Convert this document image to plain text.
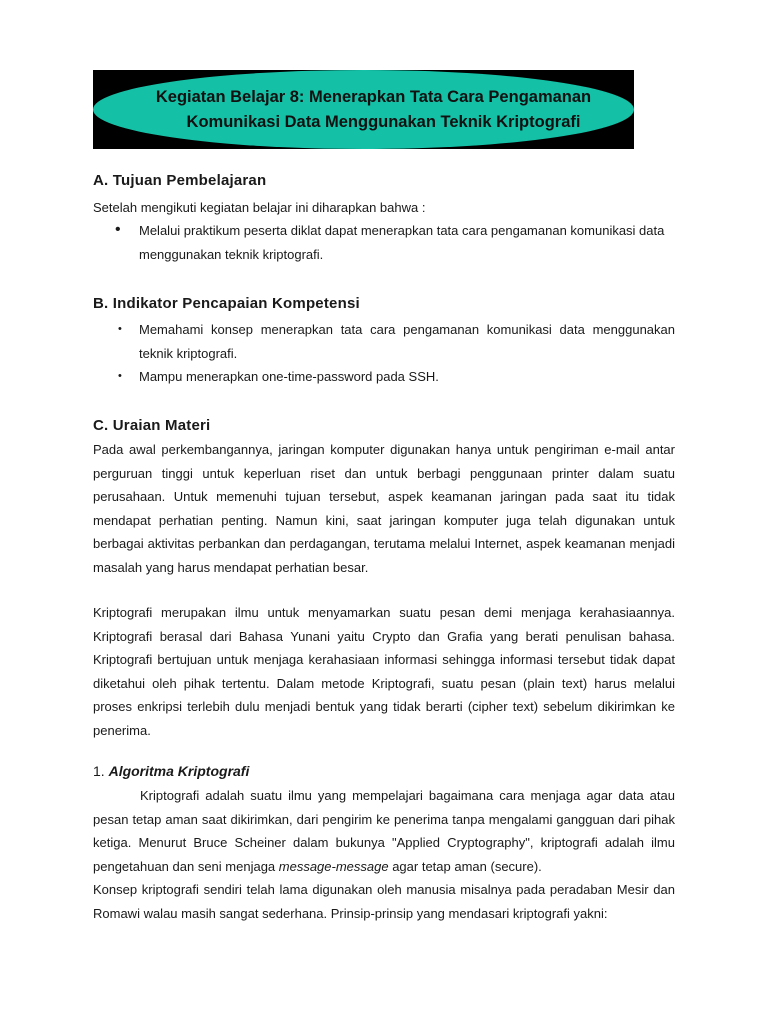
Kegiatan Belajar 8: Menerapkan Tata Cara Pengamanan
Komunikasi Data Menggunakan Teknik Kriptografi
A. Tujuan Pembelajaran
Setelah mengikuti kegiatan belajar ini diharapkan bahwa :
• Melalui praktikum peserta diklat dapat menerapkan tata cara pengamanan komunikasi data menggunakan teknik kriptografi.
B. Indikator Pencapaian Kompetensi
• Memahami konsep menerapkan tata cara pengamanan komunikasi data menggunakan teknik kriptografi.
• Mampu menerapkan one-time-password pada SSH.
C. Uraian Materi
Pada awal perkembangannya, jaringan komputer digunakan hanya untuk pengiriman e-mail antar perguruan tinggi untuk keperluan riset dan untuk berbagi penggunaan printer dalam suatu perusahaan. Untuk memenuhi tujuan tersebut, aspek keamanan jaringan pada saat itu tidak mendapat perhatian penting. Namun kini, saat jaringan komputer juga telah digunakan untuk berbagai aktivitas perbankan dan perdagangan, terutama melalui Internet, aspek keamanan menjadi masalah yang harus mendapat perhatian besar.
Kriptografi merupakan ilmu untuk menyamarkan suatu pesan demi menjaga kerahasiaannya. Kriptografi berasal dari Bahasa Yunani yaitu Crypto dan Grafia yang berati penulisan bahasa. Kriptografi bertujuan untuk menjaga kerahasiaan informasi sehingga informasi tersebut tidak dapat diketahui oleh pihak tertentu. Dalam metode Kriptografi, suatu pesan (plain text) harus melalui proses enkripsi terlebih dulu menjadi bentuk yang tidak berarti (cipher text) sebelum dikirimkan ke penerima.
1. Algoritma Kriptografi
Kriptografi adalah suatu ilmu yang mempelajari bagaimana cara menjaga agar data atau pesan tetap aman saat dikirimkan, dari pengirim ke penerima tanpa mengalami gangguan dari pihak ketiga. Menurut Bruce Scheiner dalam bukunya "Applied Cryptography", kriptografi adalah ilmu pengetahuan dan seni menjaga message-message agar tetap aman (secure).
Konsep kriptografi sendiri telah lama digunakan oleh manusia misalnya pada peradaban Mesir dan Romawi walau masih sangat sederhana. Prinsip-prinsip yang mendasari kriptografi yakni:
